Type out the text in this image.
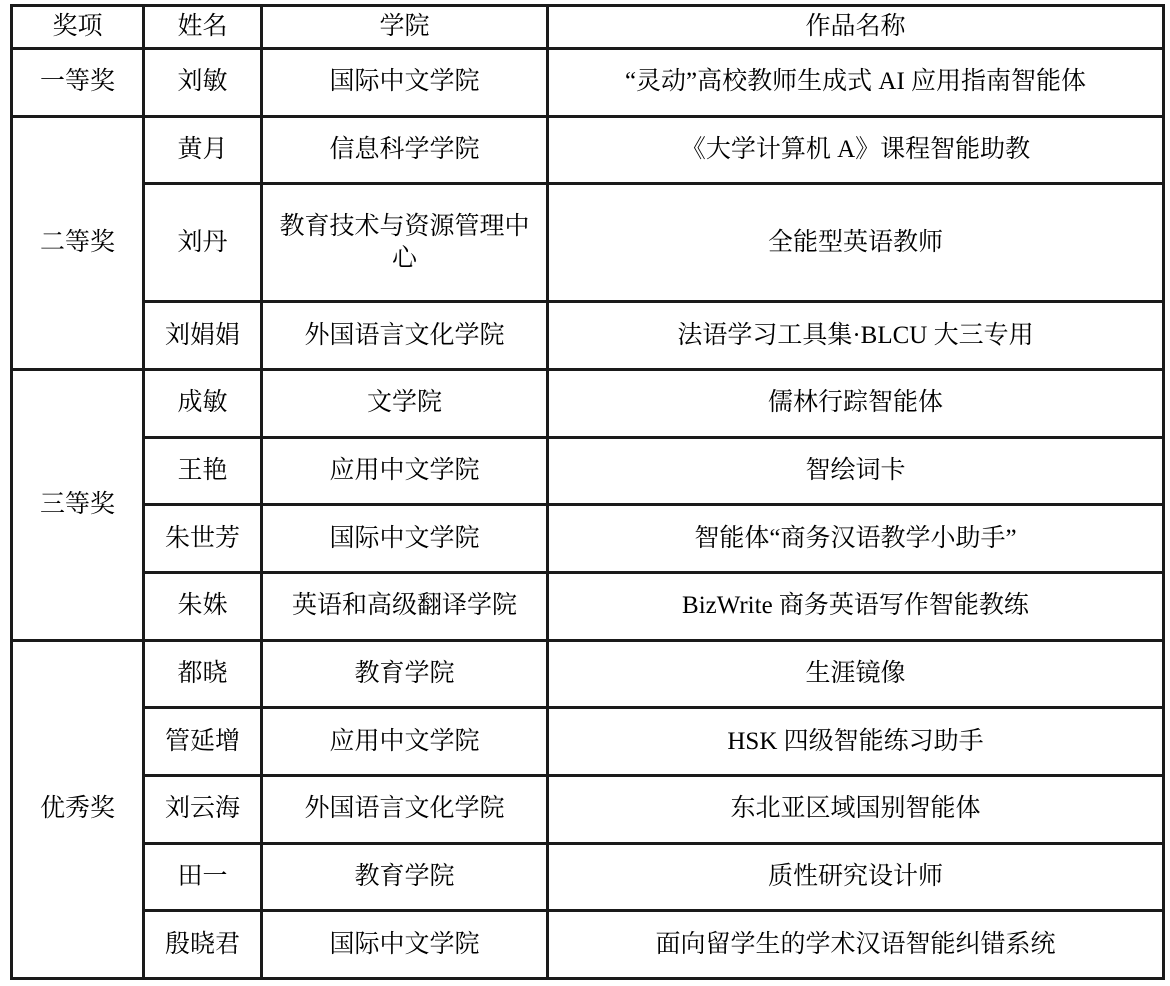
奖项	姓名	学院	作品名称
一等奖	刘敏	国际中文学院	“灵动”高校教师生成式 AI 应用指南智能体
二等奖	黄月	信息科学学院	《大学计算机 A》课程智能助教
	刘丹	教育技术与资源管理中心	全能型英语教师
	刘娟娟	外国语言文化学院	法语学习工具集·BLCU 大三专用
三等奖	成敏	文学院	儒林行踪智能体
	王艳	应用中文学院	智绘词卡
	朱世芳	国际中文学院	智能体“商务汉语教学小助手”
	朱姝	英语和高级翻译学院	BizWrite 商务英语写作智能教练
优秀奖	都晓	教育学院	生涯镜像
	管延增	应用中文学院	HSK 四级智能练习助手
	刘云海	外国语言文化学院	东北亚区域国别智能体
	田一	教育学院	质性研究设计师
	殷晓君	国际中文学院	面向留学生的学术汉语智能纠错系统
